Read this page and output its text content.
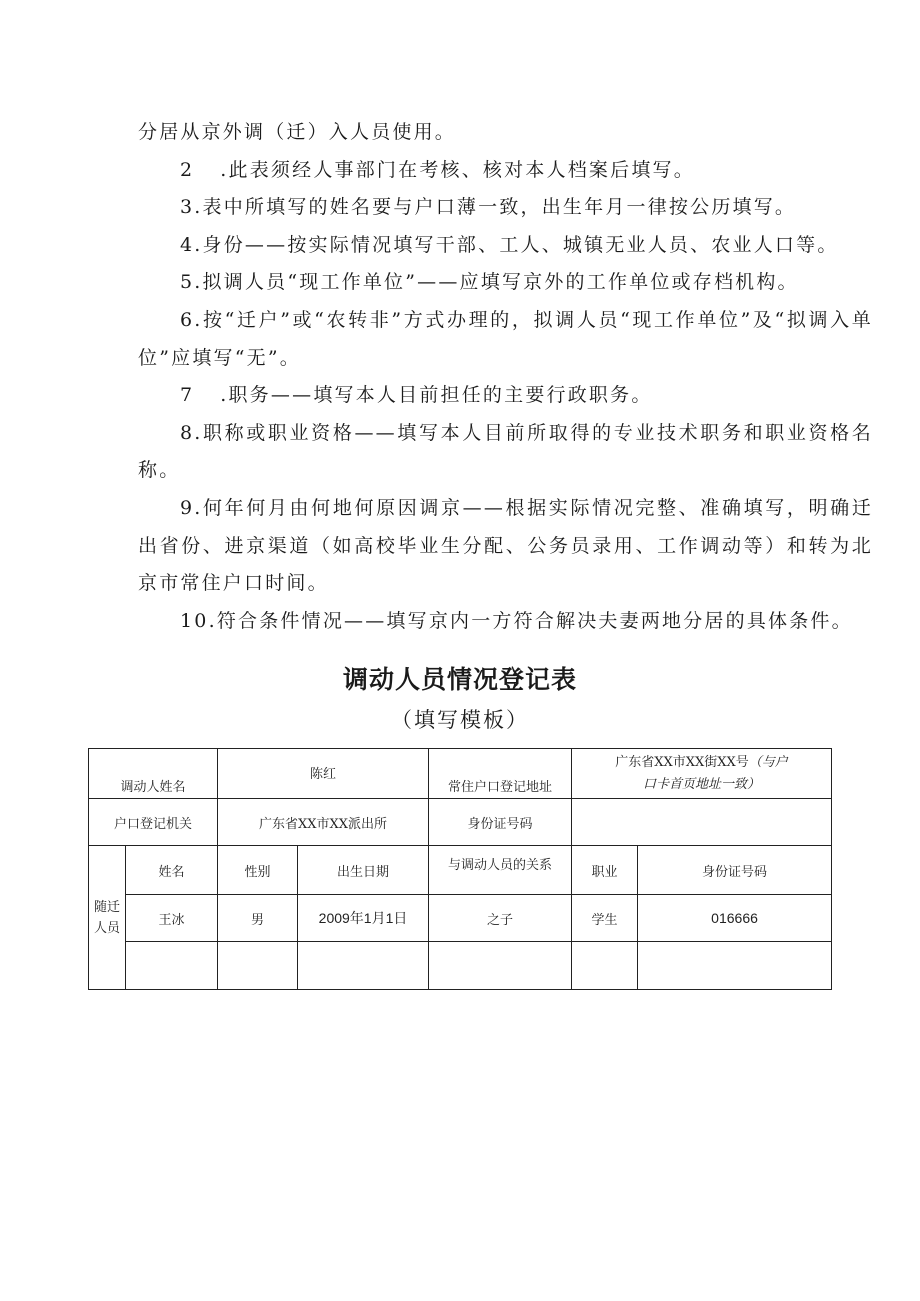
分居从京外调（迁）入人员使用。

2 .此表须经人事部门在考核、核对本人档案后填写。

3.表中所填写的姓名要与户口薄一致，出生年月一律按公历填写。

4.身份——按实际情况填写干部、工人、城镇无业人员、农业人口等。

5.拟调人员“现工作单位”——应填写京外的工作单位或存档机构。

6.按“迁户”或“农转非”方式办理的，拟调人员“现工作单位”及“拟调入单位”应填写“无”。

7 .职务——填写本人目前担任的主要行政职务。

8.职称或职业资格——填写本人目前所取得的专业技术职务和职业资格名称。

9.何年何月由何地何原因调京——根据实际情况完整、准确填写，明确迁出省份、进京渠道（如高校毕业生分配、公务员录用、工作调动等）和转为北京市常住户口时间。

10.符合条件情况——填写京内一方符合解决夫妻两地分居的具体条件。

调动人员情况登记表
（填写模板）
调动人姓名		陈红		常住户口登记地址	广东省XX市XX街XX号（与户
口卡首页地址一致）	
户口登记机关		广东省XX市XX派出所		身份证号码		
随迁
人员	姓名	性别	出生日期	与调动人员的关系	职业	身份证号码
	王冰	男	2009年1月1日	之子	学生	016666
